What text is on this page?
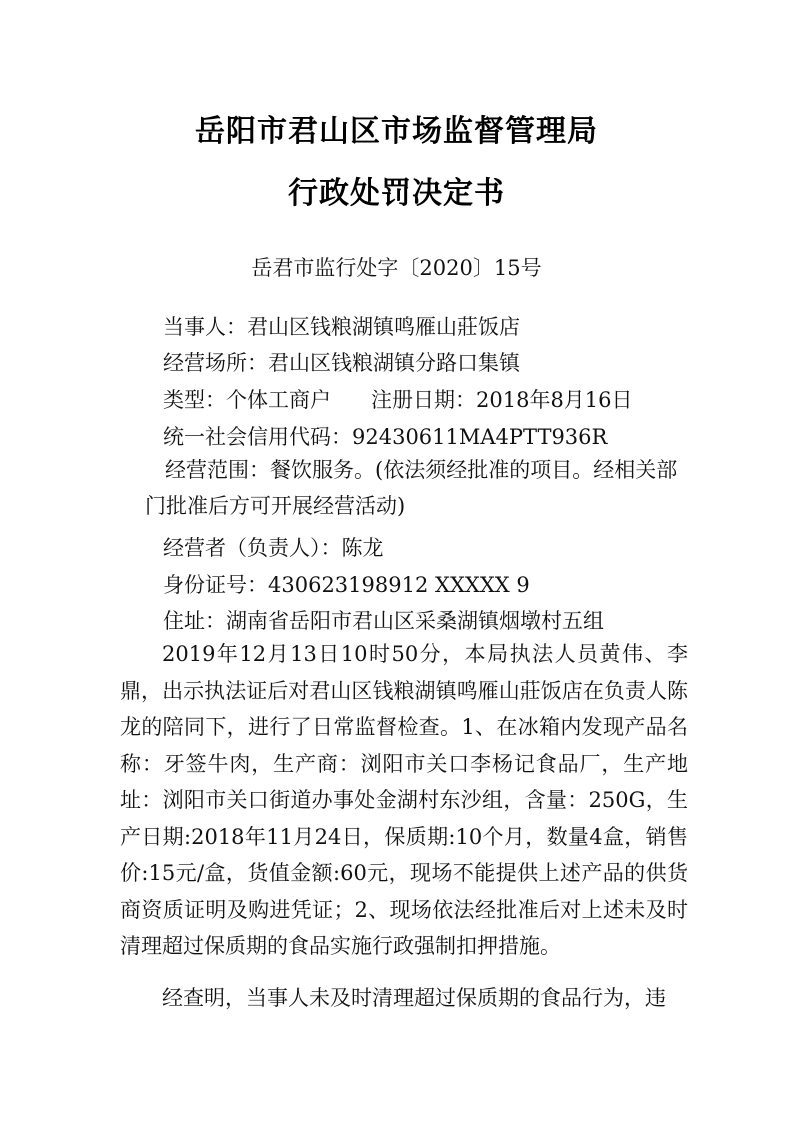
岳阳市君山区市场监督管理局
行政处罚决定书
岳君市监行处字〔2020〕15号
当事人：君山区钱粮湖镇鸣雁山莊饭店
经营场所：君山区钱粮湖镇分路口集镇
类型：个体工商户 注册日期：2018年8月16日
统一社会信用代码：92430611MA4PTT936R
经营范围：餐饮服务。(依法须经批准的项目。经相关部门批准后方可开展经营活动)
经营者（负责人）：陈龙
身份证号：430623198912 XXXXX 9
住址：湖南省岳阳市君山区采桑湖镇烟墩村五组
2019年12月13日10时50分，本局执法人员黄伟、李鼎，出示执法证后对君山区钱粮湖镇鸣雁山莊饭店在负责人陈龙的陪同下，进行了日常监督检查。1、在冰箱内发现产品名称：牙签牛肉，生产商：浏阳市关口李杨记食品厂，生产地址：浏阳市关口街道办事处金湖村东沙组，含量：250G，生产日期:2018年11月24日，保质期:10个月，数量4盒，销售价:15元/盒，货值金额:60元，现场不能提供上述产品的供货商资质证明及购进凭证；2、现场依法经批准后对上述未及时清理超过保质期的食品实施行政强制扣押措施。
经查明，当事人未及时清理超过保质期的食品行为，违
